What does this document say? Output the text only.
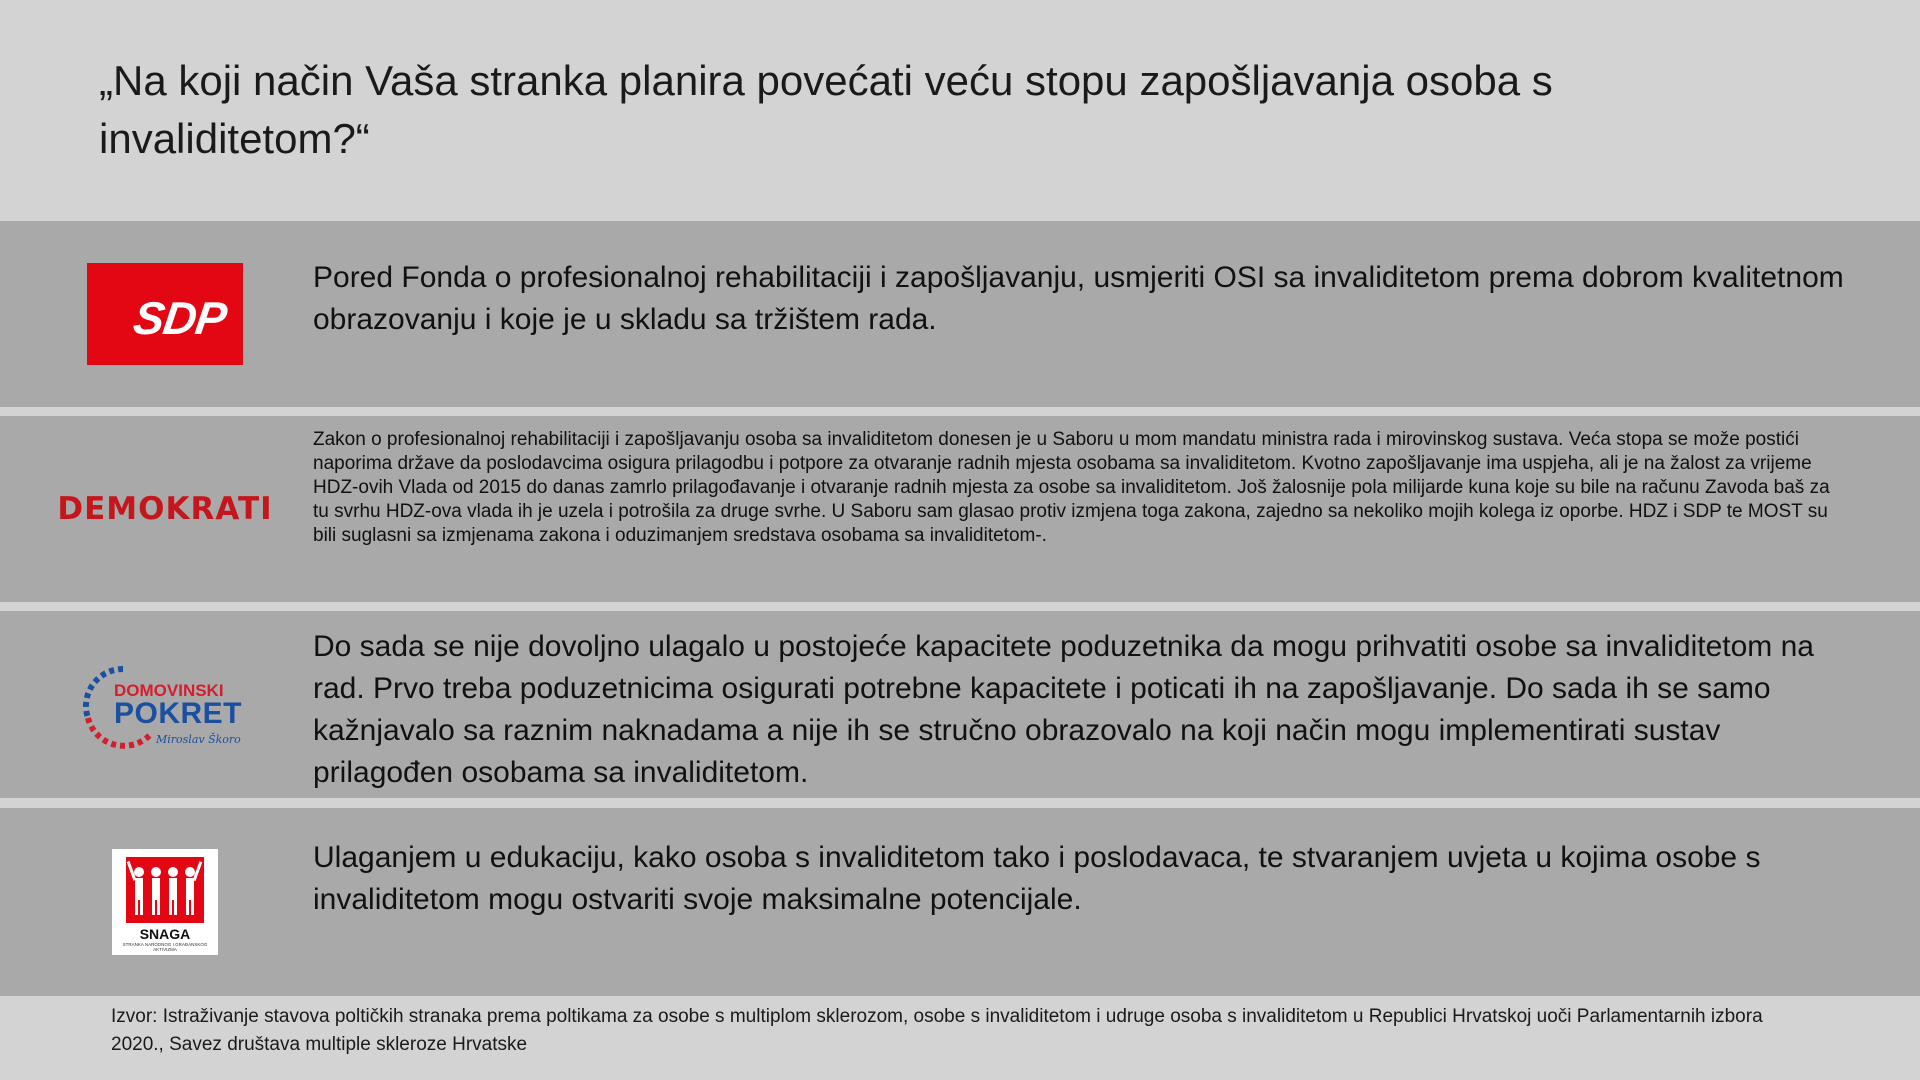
„Na koji način Vaša stranka planira povećati veću stopu zapošljavanja osoba s invaliditetom?“
SDP
Pored Fonda o profesionalnoj rehabilitaciji i zapošljavanju, usmjeriti OSI sa invaliditetom prema dobrom kvalitetnom obrazovanju i koje je u skladu sa tržištem rada.
DEMOKRATI
Zakon o profesionalnoj rehabilitaciji i zapošljavanju osoba sa invaliditetom donesen je u Saboru u mom mandatu ministra rada i mirovinskog sustava. Veća stopa se može postići naporima države da poslodavcima osigura prilagodbu i potpore za otvaranje radnih mjesta osobama sa invaliditetom. Kvotno zapošljavanje ima uspjeha, ali je na žalost za vrijeme HDZ-ovih Vlada od 2015 do danas zamrlo prilagođavanje i otvaranje radnih mjesta za osobe sa invaliditetom. Još žalosnije pola milijarde kuna koje su bile na računu Zavoda baš za tu svrhu HDZ-ova vlada ih je uzela i potrošila za druge svrhe. U Saboru sam glasao protiv izmjena toga zakona, zajedno sa nekoliko mojih kolega iz oporbe. HDZ i SDP te MOST su bili suglasni sa izmjenama zakona i oduzimanjem sredstava osobama sa invaliditetom-.
DOMOVINSKI
POKRET
Miroslav Škoro
Do sada se nije dovoljno ulagalo u postojeće kapacitete poduzetnika da mogu prihvatiti osobe sa invaliditetom na rad. Prvo treba poduzetnicima osigurati potrebne kapacitete i poticati ih na zapošljavanje. Do sada ih se samo kažnjavalo sa raznim naknadama a nije ih se stručno obrazovalo na koji način mogu implementirati sustav prilagođen osobama sa invaliditetom.
SNAGA
STRANKA NARODNOG I GRAĐANSKOG AKTIVIZMA
Ulaganjem u edukaciju, kako osoba s invaliditetom tako i poslodavaca, te stvaranjem uvjeta u kojima osobe s invaliditetom mogu ostvariti svoje maksimalne potencijale.
Izvor: Istraživanje stavova poltičkih stranaka prema poltikama za osobe s multiplom sklerozom, osobe s invaliditetom i udruge osoba s invaliditetom u Republici Hrvatskoj uoči Parlamentarnih izbora 2020., Savez društava multiple skleroze Hrvatske
